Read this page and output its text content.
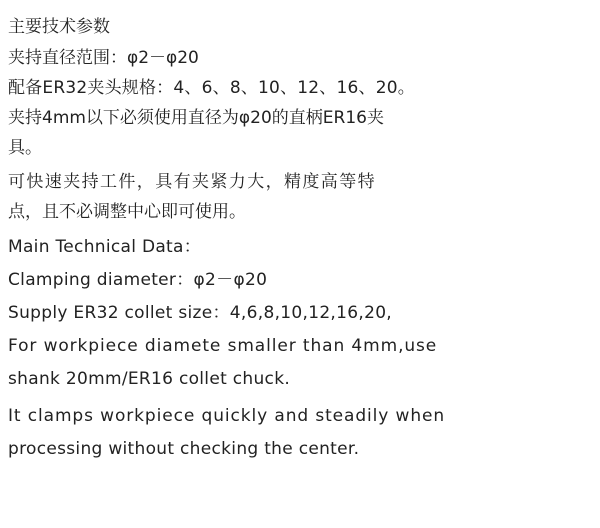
主要技术参数
夹持直径范围：φ2－φ20
配备ER32夹头规格：4、6、8、10、12、16、20。
夹持4mm以下必须使用直径为φ20的直柄ER16夹
具。
可快速夹持工件，具有夹紧力大，精度高等特
点，且不必调整中心即可使用。
Main Technical Data：
Clamping diameter：φ2－φ20
Supply ER32 collet size：4,6,8,10,12,16,20,
For workpiece diamete smaller than 4mm,use
shank 20mm/ER16 collet chuck.
It clamps workpiece quickly and steadily when
processing without checking the center.
